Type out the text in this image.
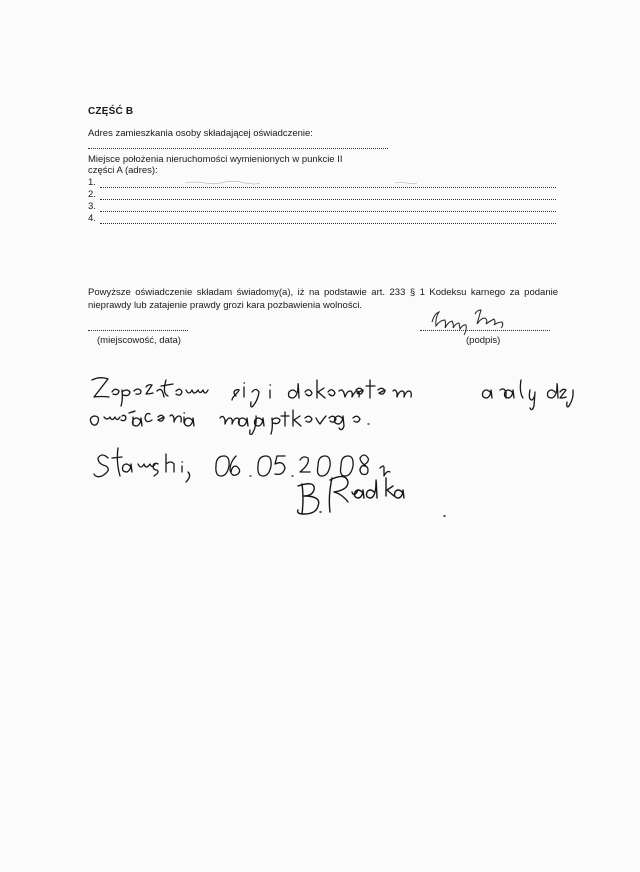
CZĘŚĆ B
Adres zamieszkania osoby składającej oświadczenie:
Miejsce położenia nieruchomości wymienionych w punkcie II
części A (adres):
1.
2.
3.
4.
Powyższe oświadczenie składam świadomy(a), iż na podstawie art. 233 § 1 Kodeksu karnego za podanie nieprawdy lub zatajenie prawdy grozi kara pozbawienia wolności.
(miejscowość, data)	(podpis)
